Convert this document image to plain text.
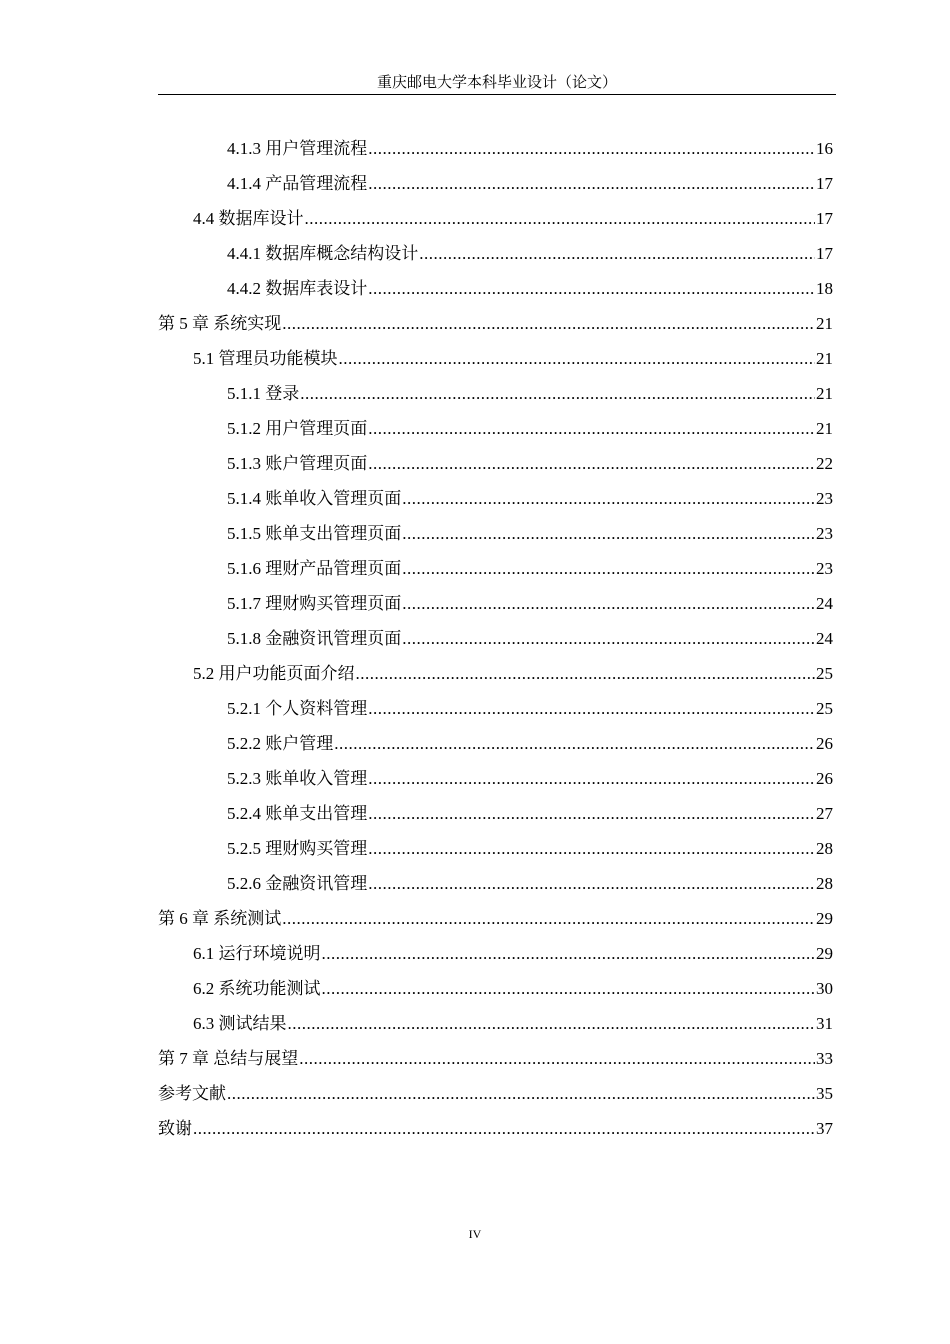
重庆邮电大学本科毕业设计（论文）
4.1.3 用户管理流程 .....	16
4.1.4 产品管理流程 .....	17
4.4 数据库设计 .....	17
4.4.1 数据库概念结构设计 .....	17
4.4.2 数据库表设计 .....	18
第 5 章 系统实现 .....	21
5.1 管理员功能模块 .....	21
5.1.1 登录 .....	21
5.1.2 用户管理页面 .....	21
5.1.3 账户管理页面 .....	22
5.1.4 账单收入管理页面 .....	23
5.1.5 账单支出管理页面 .....	23
5.1.6 理财产品管理页面 .....	23
5.1.7 理财购买管理页面 .....	24
5.1.8 金融资讯管理页面 .....	24
5.2 用户功能页面介绍 .....	25
5.2.1 个人资料管理 .....	25
5.2.2 账户管理 .....	26
5.2.3 账单收入管理 .....	26
5.2.4 账单支出管理 .....	27
5.2.5 理财购买管理 .....	28
5.2.6 金融资讯管理 .....	28
第 6 章 系统测试 .....	29
6.1 运行环境说明 .....	29
6.2 系统功能测试 .....	30
6.3 测试结果 .....	31
第 7 章 总结与展望 .....	33
参考文献 .....	35
致谢 .....	37
IV
